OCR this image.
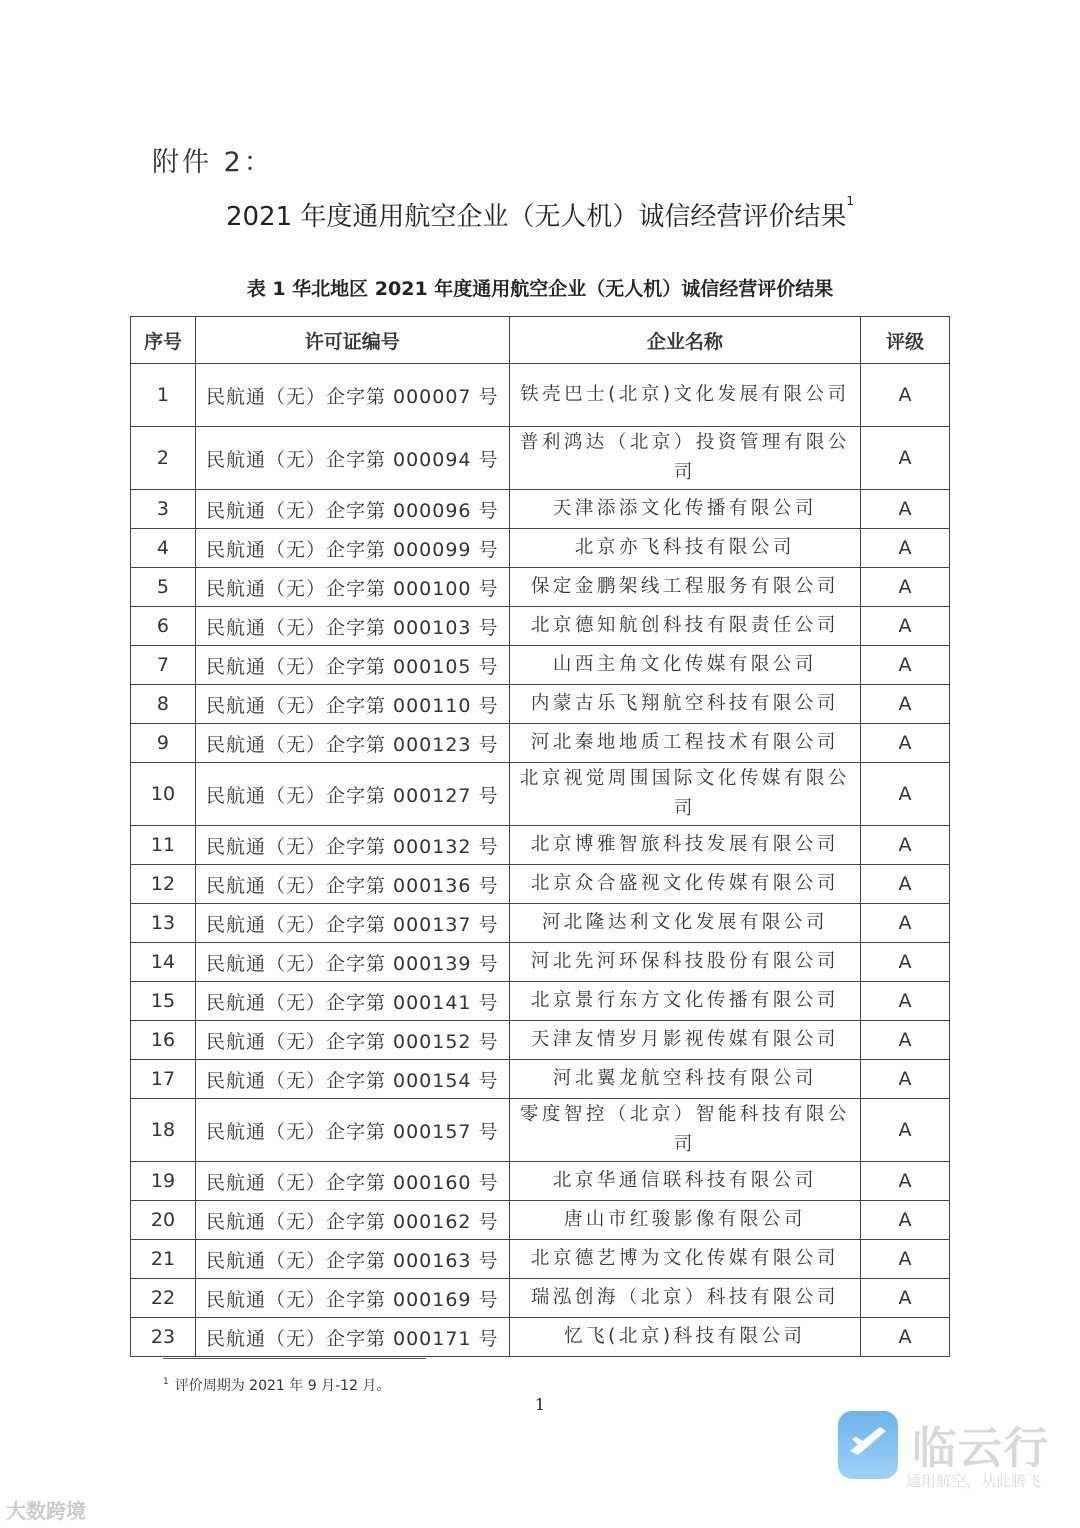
附件 2：
2021 年度通用航空企业（无人机）诚信经营评价结果$^1$
表 1 华北地区 2021 年度通用航空企业（无人机）诚信经营评价结果
序号	许可证编号	企业名称	评级
1	民航通（无）企字第 000007 号	铁壳巴士(北京)文化发展有限公司	A
2	民航通（无）企字第 000094 号	普利鸿达（北京）投资管理有限公司	A
3	民航通（无）企字第 000096 号	天津添添文化传播有限公司	A
4	民航通（无）企字第 000099 号	北京亦飞科技有限公司	A
5	民航通（无）企字第 000100 号	保定金鹏架线工程服务有限公司	A
6	民航通（无）企字第 000103 号	北京德知航创科技有限责任公司	A
7	民航通（无）企字第 000105 号	山西主角文化传媒有限公司	A
8	民航通（无）企字第 000110 号	内蒙古乐飞翔航空科技有限公司	A
9	民航通（无）企字第 000123 号	河北秦地地质工程技术有限公司	A
10	民航通（无）企字第 000127 号	北京视觉周围国际文化传媒有限公司	A
11	民航通（无）企字第 000132 号	北京博雅智旅科技发展有限公司	A
12	民航通（无）企字第 000136 号	北京众合盛视文化传媒有限公司	A
13	民航通（无）企字第 000137 号	河北隆达利文化发展有限公司	A
14	民航通（无）企字第 000139 号	河北先河环保科技股份有限公司	A
15	民航通（无）企字第 000141 号	北京景行东方文化传播有限公司	A
16	民航通（无）企字第 000152 号	天津友情岁月影视传媒有限公司	A
17	民航通（无）企字第 000154 号	河北翼龙航空科技有限公司	A
18	民航通（无）企字第 000157 号	零度智控（北京）智能科技有限公司	A
19	民航通（无）企字第 000160 号	北京华通信联科技有限公司	A
20	民航通（无）企字第 000162 号	唐山市红骏影像有限公司	A
21	民航通（无）企字第 000163 号	北京德艺博为文化传媒有限公司	A
22	民航通（无）企字第 000169 号	瑞泓创海（北京）科技有限公司	A
23	民航通（无）企字第 000171 号	忆飞(北京)科技有限公司	A
$^1$ 评价周期为 2021 年 9 月-12 月。
1
临云行
通用航空，从此腾飞
大数跨境
